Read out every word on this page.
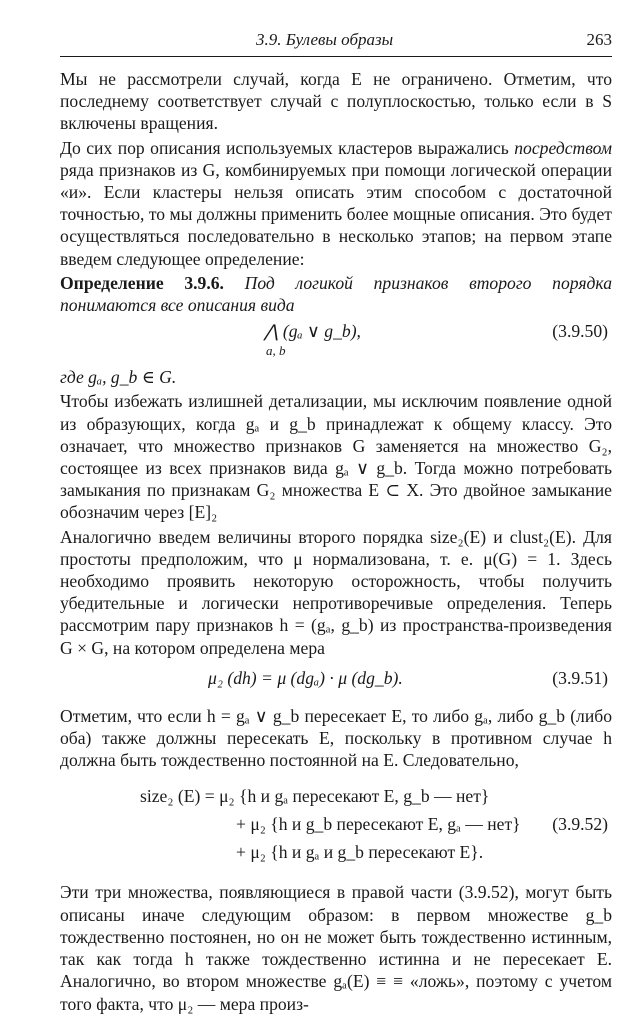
3.9. Булевы образы	263

Мы не рассмотрели случай, когда E не ограничено. Отметим, что последнему соответствует случай с полуплоскостью, только если в S включены вращения.

До сих пор описания используемых кластеров выражались посредством ряда признаков из G, комбинируемых при помощи логической операции «и». Если кластеры нельзя описать этим способом с достаточной точностью, то мы должны применить более мощные описания. Это будет осуществляться последовательно в несколько этапов; на первом этапе введем следующее определение:

Определение 3.9.6. Под логикой признаков второго порядка понимаются все описания вида

⋀ (gₐ ∨ g_b),
a, b
(3.9.50)

где gₐ, g_b ∈ G.

Чтобы избежать излишней детализации, мы исключим появление одной из образующих, когда gₐ и g_b принадлежат к общему классу. Это означает, что множество признаков G заменяется на множество G₂, состоящее из всех признаков вида gₐ ∨ g_b. Тогда можно потребовать замыкания по признакам G₂ множества E ⊂ X. Это двойное замыкание обозначим через [E]₂

Аналогично введем величины второго порядка size₂(E) и clust₂(E). Для простоты предположим, что μ нормализована, т. е. μ(G) = 1. Здесь необходимо проявить некоторую осторожность, чтобы получить убедительные и логически непротиворечивые определения. Теперь рассмотрим пару признаков h = (gₐ, g_b) из пространства-произведения G × G, на котором определена мера

μ₂ (dh) = μ (dgₐ) · μ (dg_b).	(3.9.51)

Отметим, что если h = gₐ ∨ g_b пересекает E, то либо gₐ, либо g_b (либо оба) также должны пересекать E, поскольку в противном случае h должна быть тождественно постоянной на E. Следовательно,

size₂ (E) = μ₂ {h и gₐ пересекают E, g_b — нет}
+ μ₂ {h и g_b пересекают E, gₐ — нет}
+ μ₂ {h и gₐ и g_b пересекают E}.
(3.9.52)

Эти три множества, появляющиеся в правой части (3.9.52), могут быть описаны иначе следующим образом: в первом множестве g_b тождественно постоянен, но он не может быть тождественно истинным, так как тогда h также тождественно истинна и не пересекает E. Аналогично, во втором множестве gₐ(E) ≡ ≡ «ложь», поэтому с учетом того факта, что μ₂ — мера произ-
